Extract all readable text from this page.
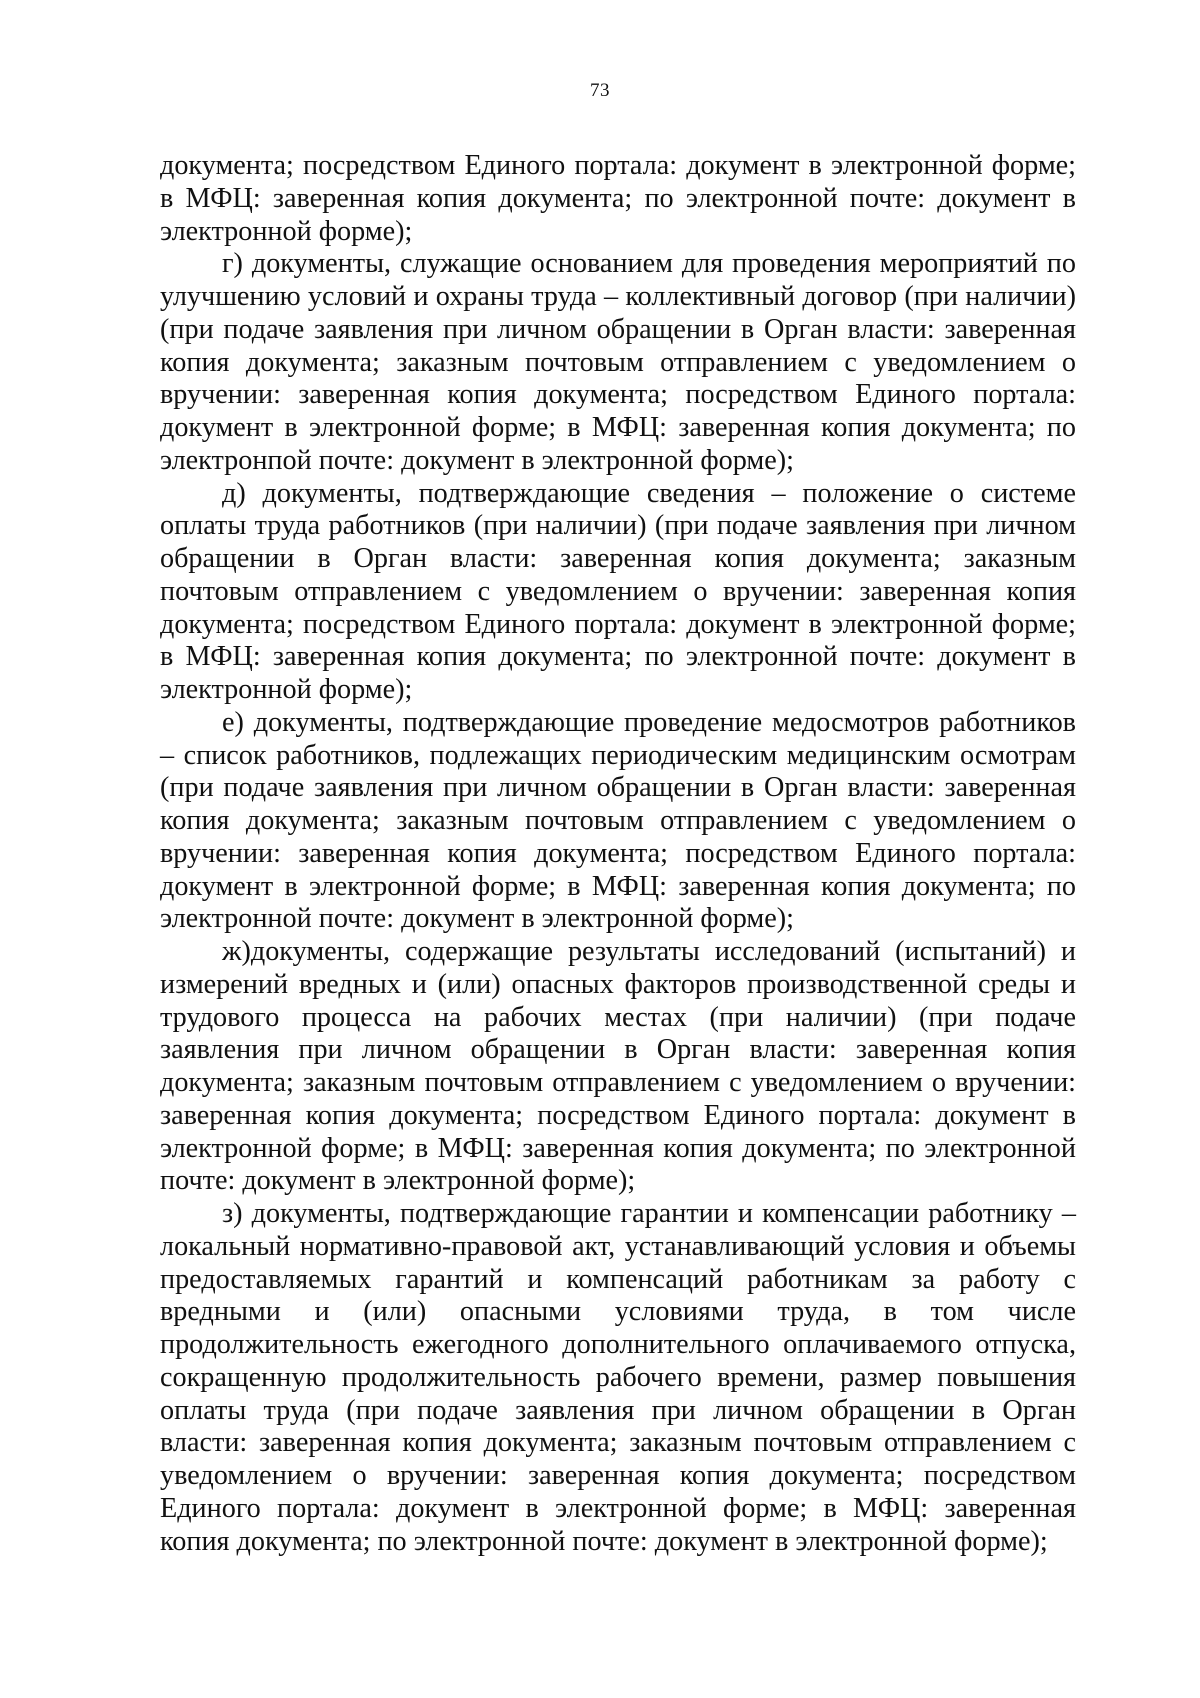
73

документа; посредством Единого портала: документ в электронной форме; в МФЦ: заверенная копия документа; по электронной почте: документ в электронной форме);

г) документы, служащие основанием для проведения мероприятий по улучшению условий и охраны труда – коллективный договор (при наличии) (при подаче заявления при личном обращении в Орган власти: заверенная копия документа; заказным почтовым отправлением с уведомлением о вручении: заверенная копия документа; посредством Единого портала: документ в электронной форме; в МФЦ: заверенная копия документа; по электронпой почте: документ в электронной форме);

д) документы, подтверждающие сведения – положение о системе оплаты труда работников (при наличии) (при подаче заявления при личном обращении в Орган власти: заверенная копия документа; заказным почтовым отправлением с уведомлением о вручении: заверенная копия документа; посредством Единого портала: документ в электронной форме; в МФЦ: заверенная копия документа; по электронной почте: документ в электронной форме);

е) документы, подтверждающие проведение медосмотров работников – список работников, подлежащих периодическим медицинским осмотрам (при подаче заявления при личном обращении в Орган власти: заверенная копия документа; заказным почтовым отправлением с уведомлением о вручении: заверенная копия документа; посредством Единого портала: документ в электронной форме; в МФЦ: заверенная копия документа; по электронной почте: документ в электронной форме);

ж)документы, содержащие результаты исследований (испытаний) и измерений вредных и (или) опасных факторов производственной среды и трудового процесса на рабочих местах (при наличии) (при подаче заявления при личном обращении в Орган власти: заверенная копия документа; заказным почтовым отправлением с уведомлением о вручении: заверенная копия документа; посредством Единого портала: документ в электронной форме; в МФЦ: заверенная копия документа; по электронной почте: документ в электронной форме);

з) документы, подтверждающие гарантии и компенсации работнику – локальный нормативно-правовой акт, устанавливающий условия и объемы предоставляемых гарантий и компенсаций работникам за работу с вредными и (или) опасными условиями труда, в том числе продолжительность ежегодного дополнительного оплачиваемого отпуска, сокращенную продолжительность рабочего времени, размер повышения оплаты труда (при подаче заявления при личном обращении в Орган власти: заверенная копия документа; заказным почтовым отправлением с уведомлением о вручении: заверенная копия документа; посредством Единого портала: документ в электронной форме; в МФЦ: заверенная копия документа; по электронной почте: документ в электронной форме);
